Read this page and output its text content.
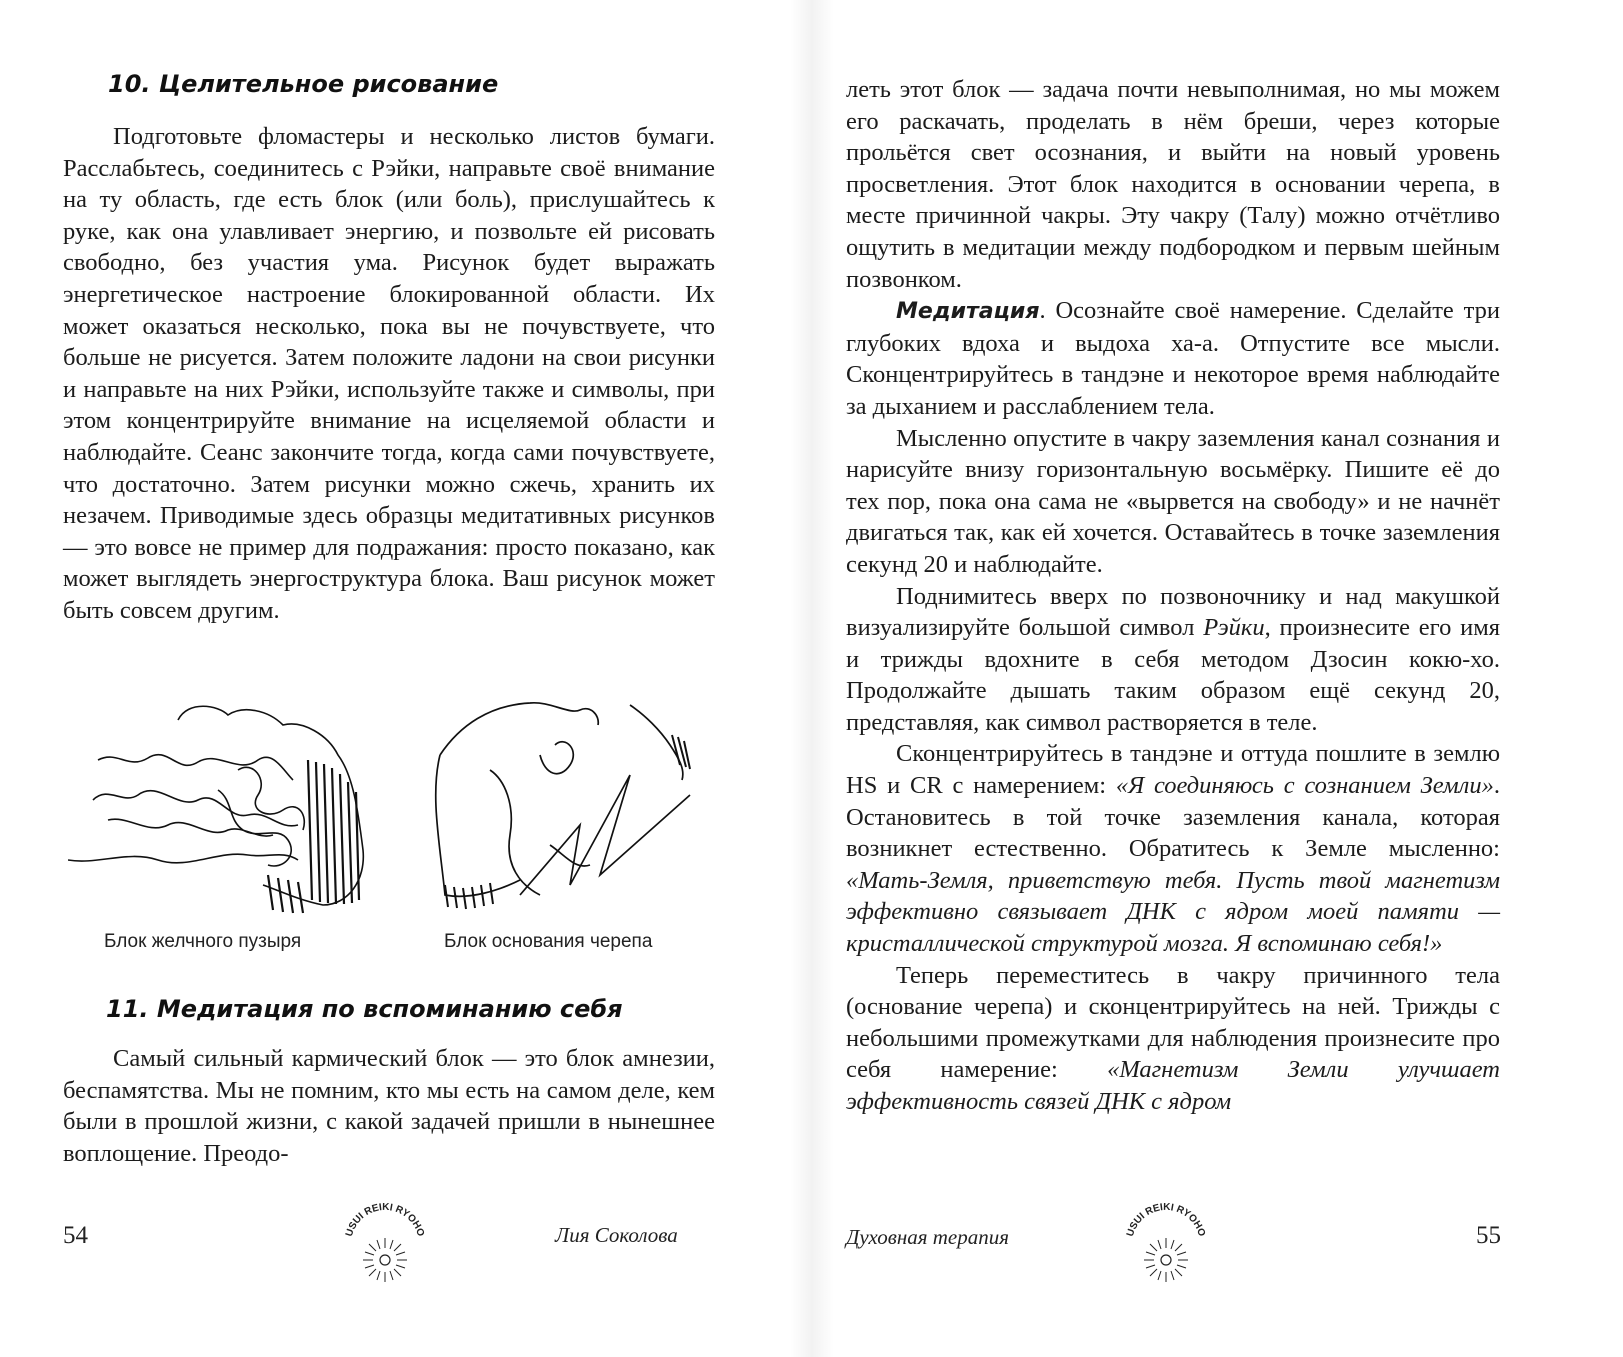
10. Целительное рисование

Подготовьте фломастеры и несколько листов бумаги. Расслабьтесь, соединитесь с Рэйки, направьте своё внимание на ту область, где есть блок (или боль), прислушайтесь к руке, как она улавливает энергию, и позвольте ей рисовать свободно, без участия ума. Рисунок будет выражать энергетическое настроение блокированной области. Их может оказаться несколько, пока вы не почувствуете, что больше не рисуется. Затем положите ладони на свои рисунки и направьте на них Рэйки, используйте также и символы, при этом концентрируйте внимание на исцеляемой области и наблюдайте. Сеанс закончите тогда, когда сами почувствуете, что достаточно. Затем рисунки можно сжечь, хранить их незачем. Приводимые здесь образцы медитативных рисунков — это вовсе не пример для подражания: просто показано, как может выглядеть энергоструктура блока. Ваш рисунок может быть совсем другим.

Блок желчного пузыря	Блок основания черепа

11. Медитация по вспоминанию себя

Самый сильный кармический блок — это блок амнезии, беспамятства. Мы не помним, кто мы есть на самом деле, кем были в прошлой жизни, с какой задачей пришли в нынешнее воплощение. Преодо-

54	USUI REIKI RYOHO	Лия Соколова

леть этот блок — задача почти невыполнимая, но мы можем его раскачать, проделать в нём бреши, через которые прольётся свет осознания, и выйти на новый уровень просветления. Этот блок находится в основании черепа, в месте причинной чакры. Эту чакру (Талу) можно отчётливо ощутить в медитации между подбородком и первым шейным позвонком.

Медитация. Осознайте своё намерение. Сделайте три глубоких вдоха и выдоха ха-а. Отпустите все мысли. Сконцентрируйтесь в тандэне и некоторое время наблюдайте за дыханием и расслаблением тела.

Мысленно опустите в чакру заземления канал сознания и нарисуйте внизу горизонтальную восьмёрку. Пишите её до тех пор, пока она сама не «вырвется на свободу» и не начнёт двигаться так, как ей хочется. Оставайтесь в точке заземления секунд 20 и наблюдайте.

Поднимитесь вверх по позвоночнику и над макушкой визуализируйте большой символ Рэйки, произнесите его имя и трижды вдохните в себя методом Дзосин кокю-хо. Продолжайте дышать таким образом ещё секунд 20, представляя, как символ растворяется в теле.

Сконцентрируйтесь в тандэне и оттуда пошлите в землю HS и CR с намерением: «Я соединяюсь с сознанием Земли». Остановитесь в той точке заземления канала, которая возникнет естественно. Обратитесь к Земле мысленно: «Мать-Земля, приветствую тебя. Пусть твой магнетизм эффективно связывает ДНК с ядром моей памяти — кристаллической структурой мозга. Я вспоминаю себя!»

Теперь переместитесь в чакру причинного тела (основание черепа) и сконцентрируйтесь на ней. Трижды с небольшими промежутками для наблюдения произнесите про себя намерение: «Магнетизм Земли улучшает эффективность связей ДНК с ядром

Духовная терапия	USUI REIKI RYOHO	55
